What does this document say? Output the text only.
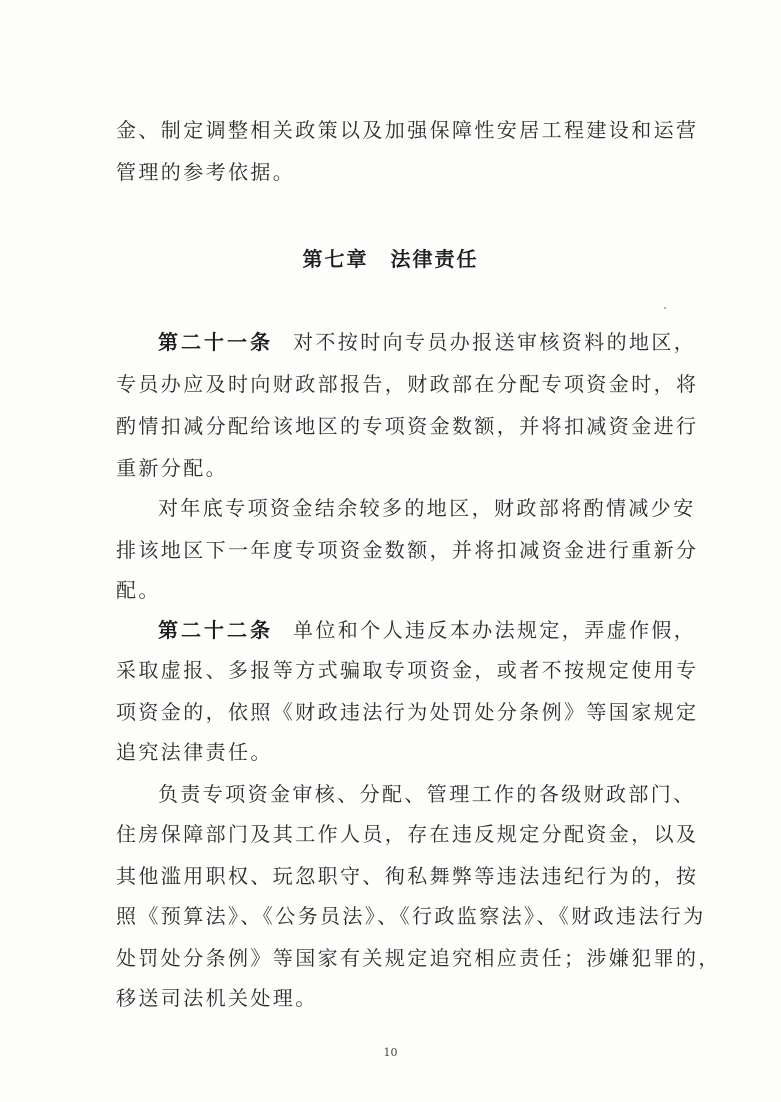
金、制定调整相关政策以及加强保障性安居工程建设和运营
管理的参考依据。
第七章 法律责任
第二十一条 对不按时向专员办报送审核资料的地区，
专员办应及时向财政部报告，财政部在分配专项资金时，将
酌情扣减分配给该地区的专项资金数额，并将扣减资金进行
重新分配。
对年底专项资金结余较多的地区，财政部将酌情减少安
排该地区下一年度专项资金数额，并将扣减资金进行重新分
配。
第二十二条 单位和个人违反本办法规定，弄虚作假，
采取虚报、多报等方式骗取专项资金，或者不按规定使用专
项资金的，依照《财政违法行为处罚处分条例》等国家规定
追究法律责任。
负责专项资金审核、分配、管理工作的各级财政部门、
住房保障部门及其工作人员，存在违反规定分配资金，以及
其他滥用职权、玩忽职守、徇私舞弊等违法违纪行为的，按
照《预算法》、《公务员法》、《行政监察法》、《财政违法行为
处罚处分条例》等国家有关规定追究相应责任；涉嫌犯罪的，
移送司法机关处理。
10
